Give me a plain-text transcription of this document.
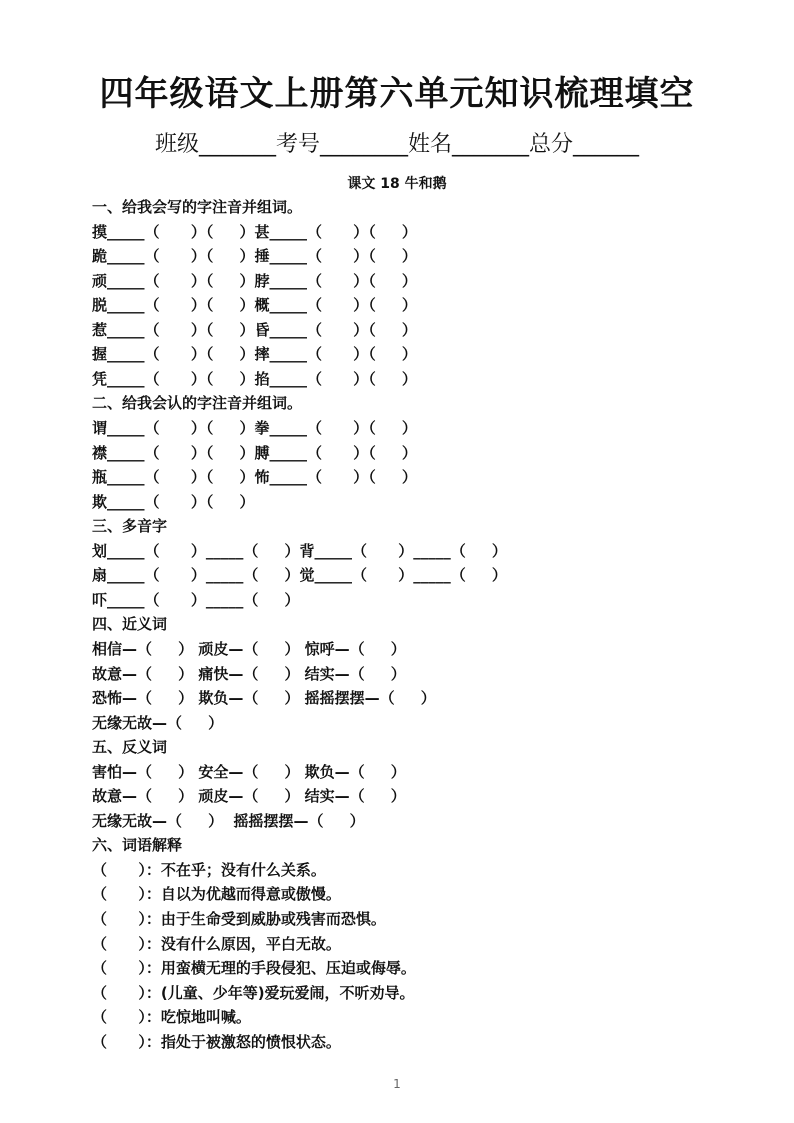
四年级语文上册第六单元知识梳理填空
班级_______考号________姓名_______总分______
课文 18 牛和鹅
一、给我会写的字注音并组词。
摸_____（      ）（     ）甚_____（      ）（     ）
跪_____（      ）（     ）捶_____（      ）（     ）
顽_____（      ）（     ）脖_____（      ）（     ）
脱_____（      ）（     ）概_____（      ）（     ）
惹_____（      ）（     ）昏_____（      ）（     ）
握_____（      ）（     ）摔_____（      ）（     ）
凭_____（      ）（     ）掐_____（      ）（     ）
二、给我会认的字注音并组词。
谓_____（      ）（     ）拳_____（      ）（     ）
襟_____（      ）（     ）膊_____（      ）（     ）
瓶_____（      ）（     ）怖_____（      ）（     ）
欺_____（      ）（     ）
三、多音字
划_____（      ）_____（     ）背_____（      ）_____（     ）
扇_____（      ）_____（     ）觉_____（      ）_____（     ）
吓_____（      ）_____（     ）
四、近义词
相信—（     ） 顽皮—（     ） 惊呼—（     ）
故意—（     ） 痛快—（     ） 结实—（     ）
恐怖—（     ） 欺负—（     ） 摇摇摆摆—（     ）
无缘无故—（     ）
五、反义词
害怕—（     ） 安全—（     ） 欺负—（     ）
故意—（     ） 顽皮—（     ） 结实—（     ）
无缘无故—（     ）  摇摇摆摆—（     ）
六、词语解释
（      ）：不在乎；没有什么关系。
（      ）：自以为优越而得意或傲慢。
（      ）：由于生命受到威胁或残害而恐惧。
（      ）：没有什么原因，平白无故。
（      ）：用蛮横无理的手段侵犯、压迫或侮辱。
（      ）：(儿童、少年等)爱玩爱闹，不听劝导。
（      ）：吃惊地叫喊。
（      ）：指处于被激怒的愤恨状态。
1
